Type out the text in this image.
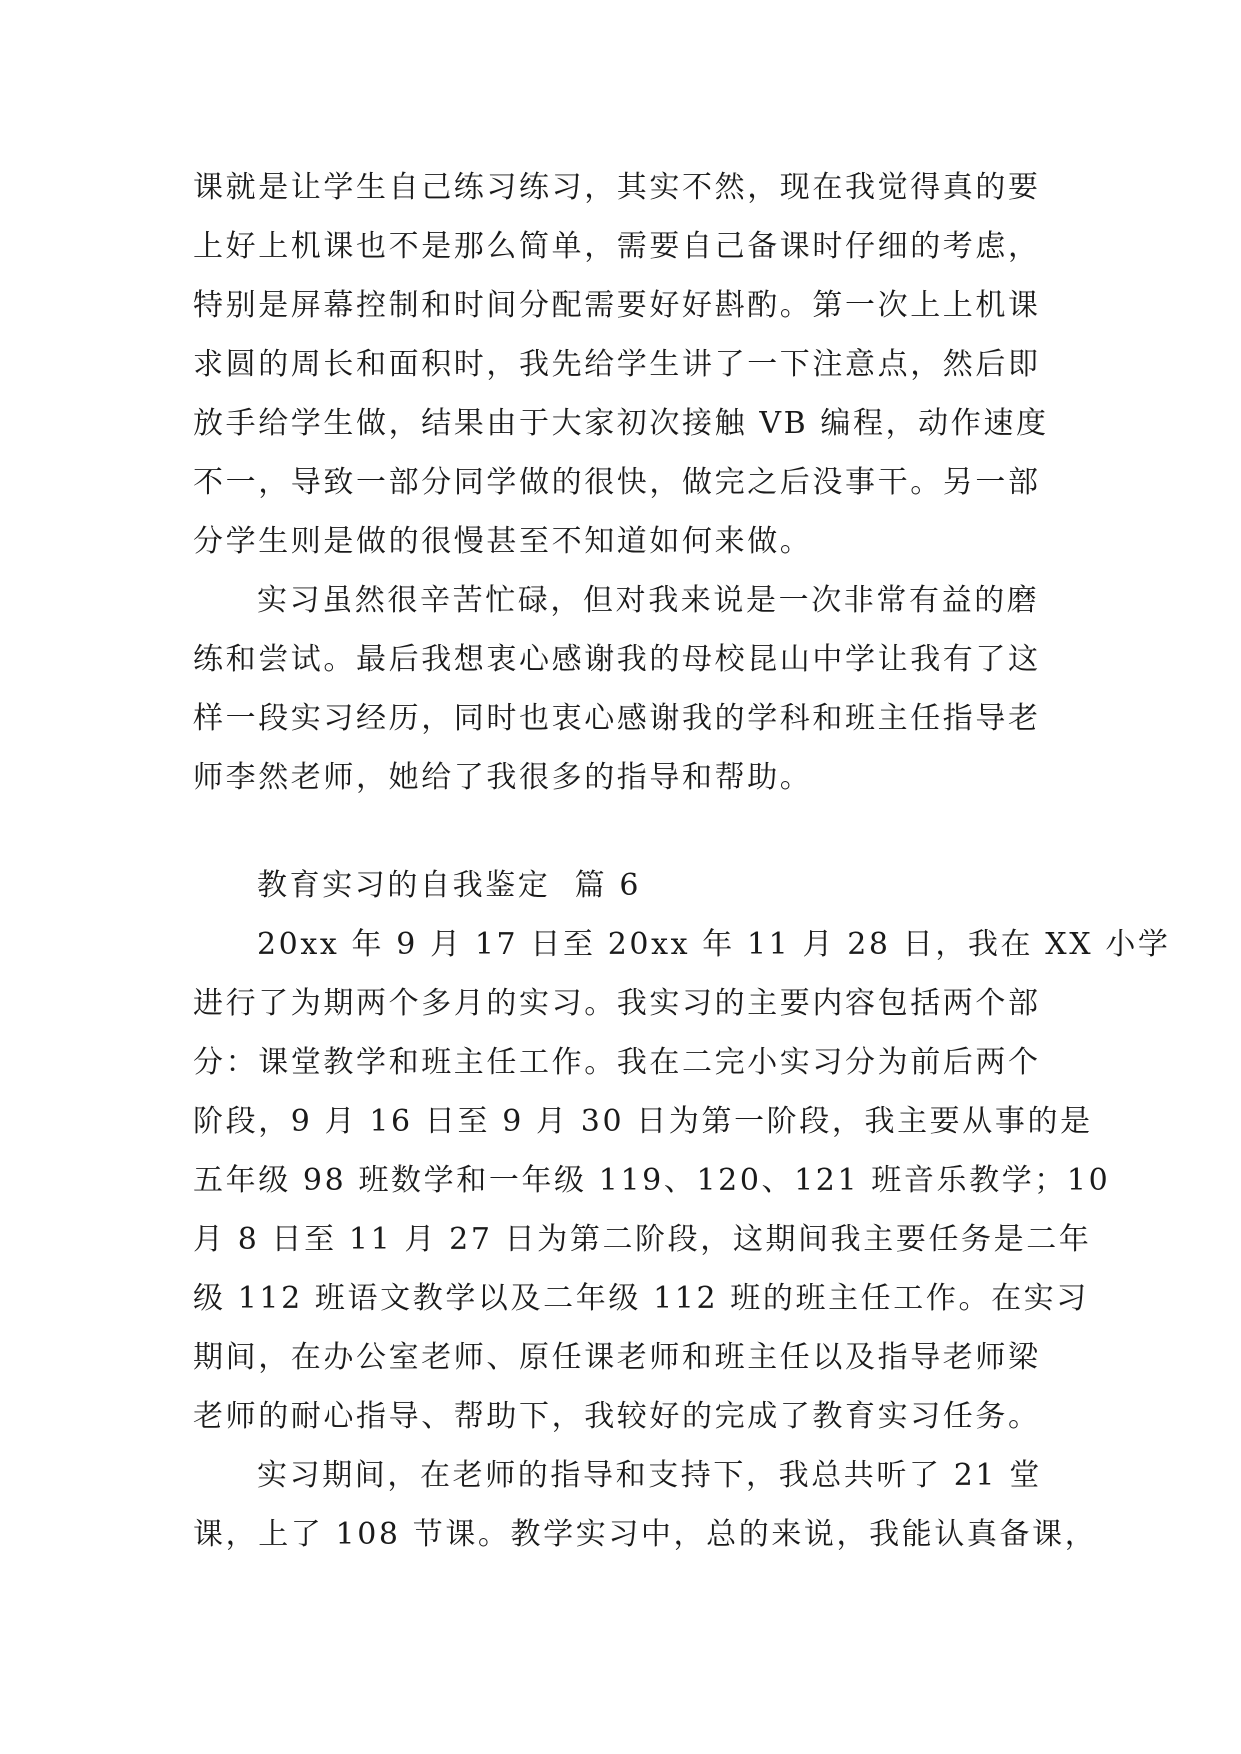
课就是让学生自己练习练习，其实不然，现在我觉得真的要
上好上机课也不是那么简单，需要自己备课时仔细的考虑，
特别是屏幕控制和时间分配需要好好斟酌。第一次上上机课
求圆的周长和面积时，我先给学生讲了一下注意点，然后即
放手给学生做，结果由于大家初次接触 VB 编程，动作速度
不一，导致一部分同学做的很快，做完之后没事干。另一部
分学生则是做的很慢甚至不知道如何来做。
实习虽然很辛苦忙碌，但对我来说是一次非常有益的磨
练和尝试。最后我想衷心感谢我的母校昆山中学让我有了这
样一段实习经历，同时也衷心感谢我的学科和班主任指导老
师李然老师，她给了我很多的指导和帮助。
教育实习的自我鉴定  篇 6
20xx 年 9 月 17 日至 20xx 年 11 月 28 日，我在 XX 小学
进行了为期两个多月的实习。我实习的主要内容包括两个部
分：课堂教学和班主任工作。我在二完小实习分为前后两个
阶段，9 月 16 日至 9 月 30 日为第一阶段，我主要从事的是
五年级 98 班数学和一年级 119、120、121 班音乐教学；10
月 8 日至 11 月 27 日为第二阶段，这期间我主要任务是二年
级 112 班语文教学以及二年级 112 班的班主任工作。在实习
期间，在办公室老师、原任课老师和班主任以及指导老师梁
老师的耐心指导、帮助下，我较好的完成了教育实习任务。
实习期间，在老师的指导和支持下，我总共听了 21 堂
课，上了 108 节课。教学实习中，总的来说，我能认真备课，
